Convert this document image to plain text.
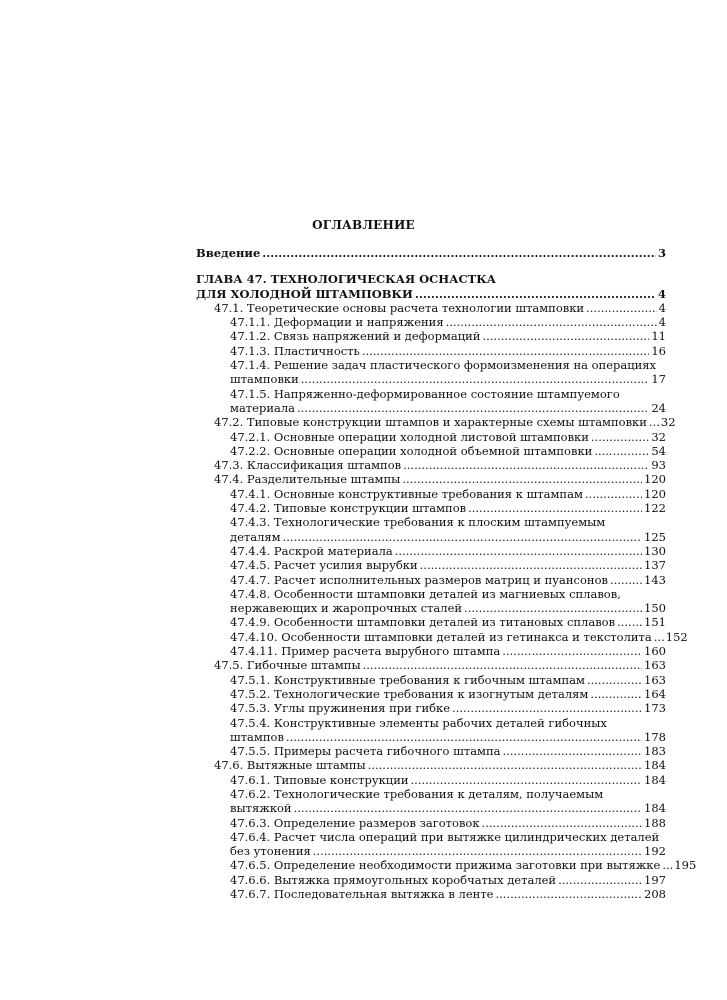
ОГЛАВЛЕНИЕ
Введение .....	3
ГЛАВА 47. ТЕХНОЛОГИЧЕСКАЯ ОСНАСТКА
ДЛЯ ХОЛОДНОЙ ШТАМПОВКИ .....	4
47.1. Теоретические основы расчета технологии штамповки .....	4
47.1.1. Деформации и напряжения .....	4
47.1.2. Связь напряжений и деформаций .....	11
47.1.3. Пластичность .....	16
47.1.4. Решение задач пластического формоизменения на операциях
штамповки .....	17
47.1.5. Напряженно-деформированное состояние штампуемого
материала .....	24
47.2. Типовые конструкции штампов и характерные схемы штамповки ..... 32
47.2.1. Основные операции холодной листовой штамповки .....	32
47.2.2. Основные операции холодной объемной штамповки .....	54
47.3. Классификация штампов .....	93
47.4. Разделительные штампы .....	120
47.4.1. Основные конструктивные требования к штампам .....	120
47.4.2. Типовые конструкции штампов .....	122
47.4.3. Технологические требования к плоским штампуемым
деталям .....	125
47.4.4. Раскрой материала .....	130
47.4.5. Расчет усилия вырубки .....	137
47.4.7. Расчет исполнительных размеров матриц и пуансонов .....	143
47.4.8. Особенности штамповки деталей из магниевых сплавов,
нержавеющих и жаропрочных сталей .....	150
47.4.9. Особенности штамповки деталей из титановых сплавов .....	151
47.4.10. Особенности штамповки деталей из гетинакса и текстолита ..... 152
47.4.11. Пример расчета вырубного штампа .....	160
47.5. Гибочные штампы .....	163
47.5.1. Конструктивные требования к гибочным штампам .....	163
47.5.2. Технологические требования к изогнутым деталям .....	164
47.5.3. Углы пружинения при гибке .....	173
47.5.4. Конструктивные элементы рабочих деталей гибочных
штампов .....	178
47.5.5. Примеры расчета гибочного штампа .....	183
47.6. Вытяжные штампы .....	184
47.6.1. Типовые конструкции .....	184
47.6.2. Технологические требования к деталям, получаемым
вытяжкой .....	184
47.6.3. Определение размеров заготовок .....	188
47.6.4. Расчет числа операций при вытяжке цилиндрических деталей
без утонения .....	192
47.6.5. Определение необходимости прижима заготовки при вытяжке ..... 195
47.6.6. Вытяжка прямоугольных коробчатых деталей .....	197
47.6.7. Последовательная вытяжка в ленте .....	208
